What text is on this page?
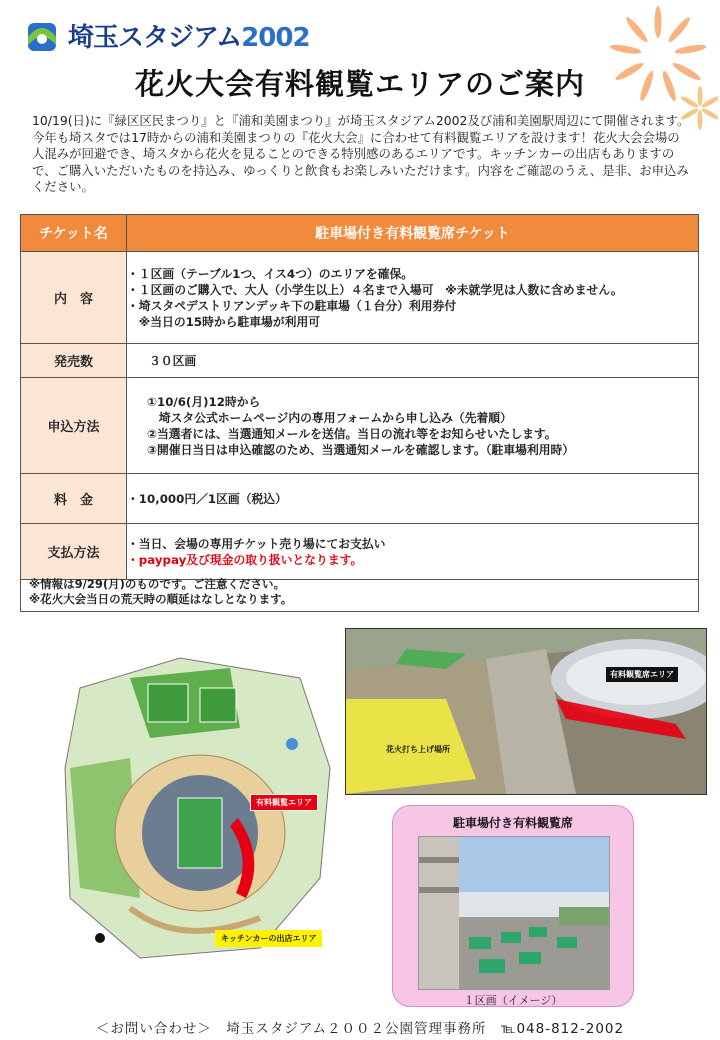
埼玉スタジアム2002
花火大会有料観覧エリアのご案内
10/19(日)に『緑区区民まつり』と『浦和美園まつり』が埼玉スタジアム2002及び浦和美園駅周辺にて開催されます。今年も埼スタでは17時からの浦和美園まつりの『花火大会』に合わせて有料観覧エリアを設けます！花火大会会場の人混みが回避でき、埼スタから花火を見ることのできる特別感のあるエリアです。キッチンカーの出店もありますので、ご購入いただいたものを持込み、ゆっくりと飲食もお楽しみいただけます。内容をご確認のうえ、是非、お申込みください。
チケット名	駐車場付き有料観覧席チケット
内　容	・１区画（テーブル1つ、イス4つ）のエリアを確保。
・１区画のご購入で、大人（小学生以上）４名まで入場可　※未就学児は人数に含めません。
・埼スタペデストリアンデッキ下の駐車場（１台分）利用券付
　※当日の15時から駐車場が利用可

発売数	３０区画
申込方法	①10/6(月)12時から
　埼スタ公式ホームページ内の専用フォームから申し込み（先着順）
②当選者には、当選通知メールを送信。当日の流れ等をお知らせいたします。
③開催日当日は申込確認のため、当選通知メールを確認します。（駐車場利用時）

料　金	・10,000円／1区画（税込）
支払方法	・当日、会場の専用チケット売り場にてお支払い
・paypay及び現金の取り扱いとなります。
※情報は9/29(月)のものです。ご注意ください。
※花火大会当日の荒天時の順延はなしとなります。
有料観覧エリア
キッチンカーの出店エリア
有料観覧席エリア
花火打ち上げ場所
駐車場付き有料観覧席
１区画（イメージ）
＜お問い合わせ＞　埼玉スタジアム２００２公園管理事務所　℡048-812-2002
